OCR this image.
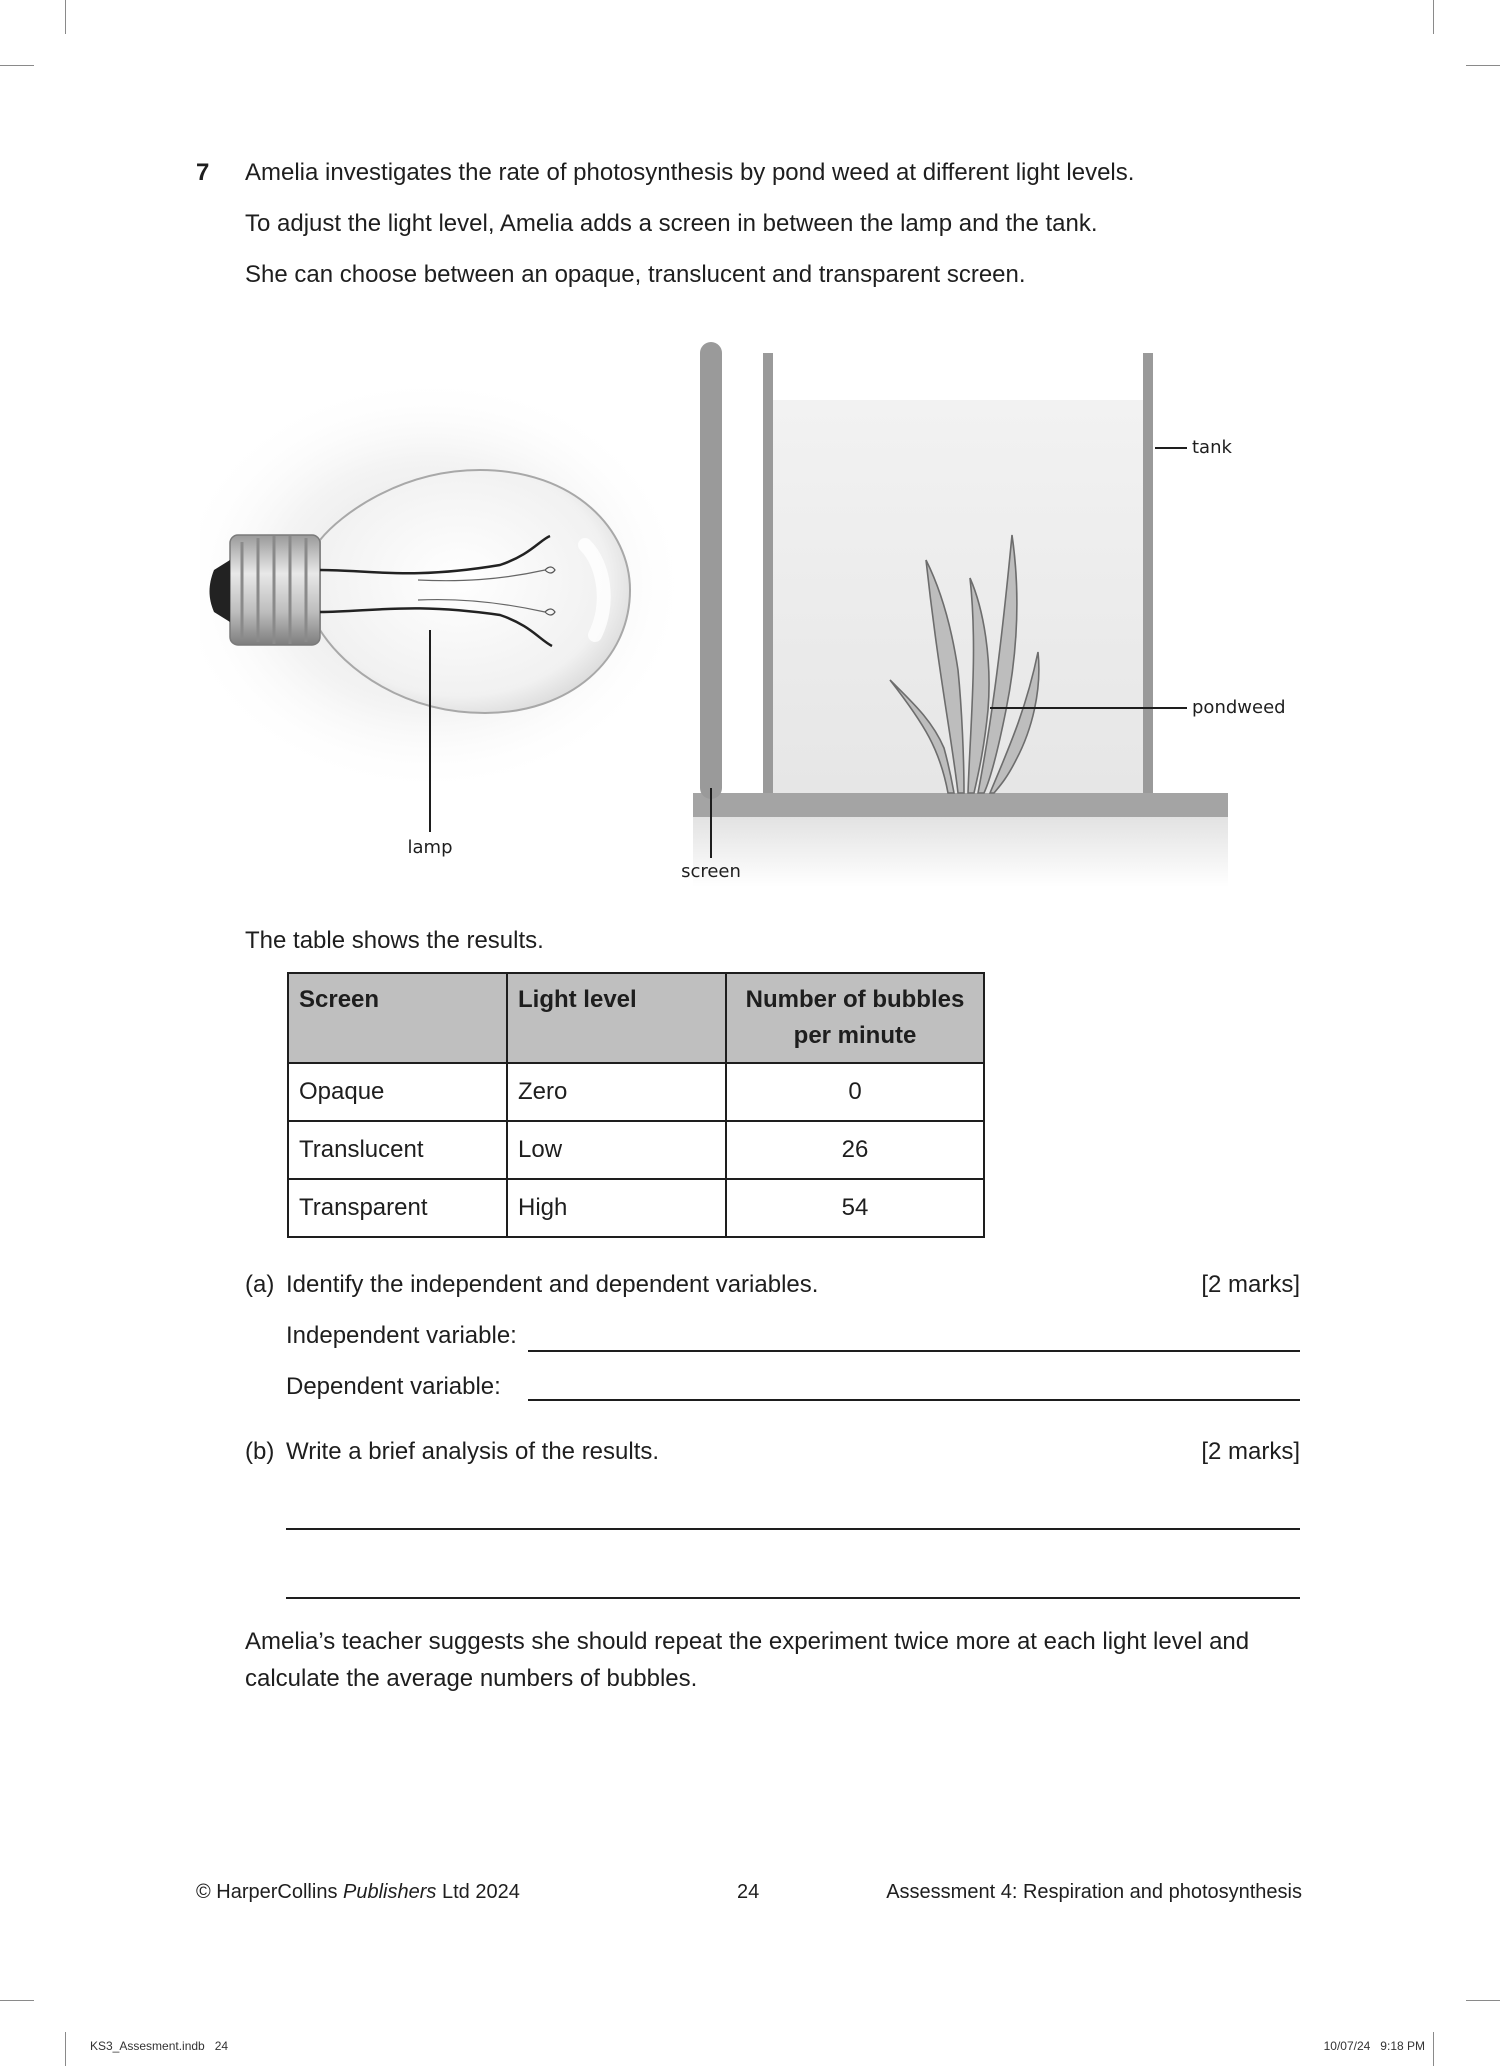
7 Amelia investigates the rate of photosynthesis by pond weed at different light levels.
To adjust the light level, Amelia adds a screen in between the lamp and the tank.
She can choose between an opaque, translucent and transparent screen.
lamp
screen
tank
pondweed
The table shows the results.
Screen	Light level	Number of bubbles per minute
Opaque	Zero	0
Translucent	Low	26
Transparent	High	54
(a) Identify the independent and dependent variables.	[2 marks]
Independent variable:
Dependent variable:
(b) Write a brief analysis of the results.	[2 marks]
Amelia’s teacher suggests she should repeat the experiment twice more at each light level and calculate the average numbers of bubbles.
© HarperCollins Publishers Ltd 2024	24	Assessment 4: Respiration and photosynthesis
KS3_Assesment.indb   24	10/07/24   9:18 PM
